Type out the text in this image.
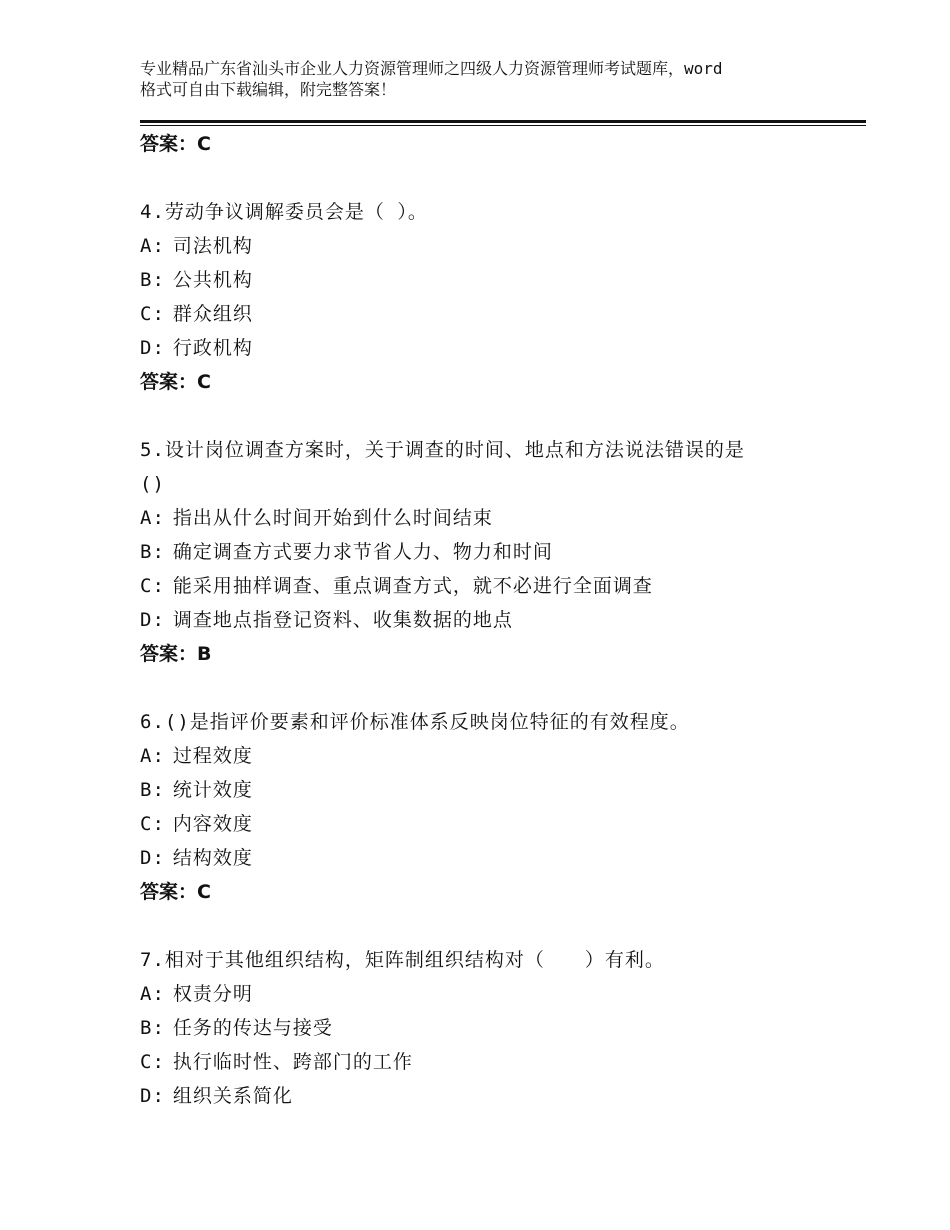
专业精品广东省汕头市企业人力资源管理师之四级人力资源管理师考试题库，word
格式可自由下载编辑，附完整答案！
答案：C
4.劳动争议调解委员会是（ ）。
A: 司法机构
B: 公共机构
C: 群众组织
D: 行政机构
答案：C
5.设计岗位调查方案时，关于调查的时间、地点和方法说法错误的是
()
A: 指出从什么时间开始到什么时间结束
B: 确定调查方式要力求节省人力、物力和时间
C: 能采用抽样调查、重点调查方式，就不必进行全面调查
D: 调查地点指登记资料、收集数据的地点
答案：B
6.()是指评价要素和评价标准体系反映岗位特征的有效程度。
A: 过程效度
B: 统计效度
C: 内容效度
D: 结构效度
答案：C
7.相对于其他组织结构，矩阵制组织结构对（　　）有利。
A: 权责分明
B: 任务的传达与接受
C: 执行临时性、跨部门的工作
D: 组织关系简化
